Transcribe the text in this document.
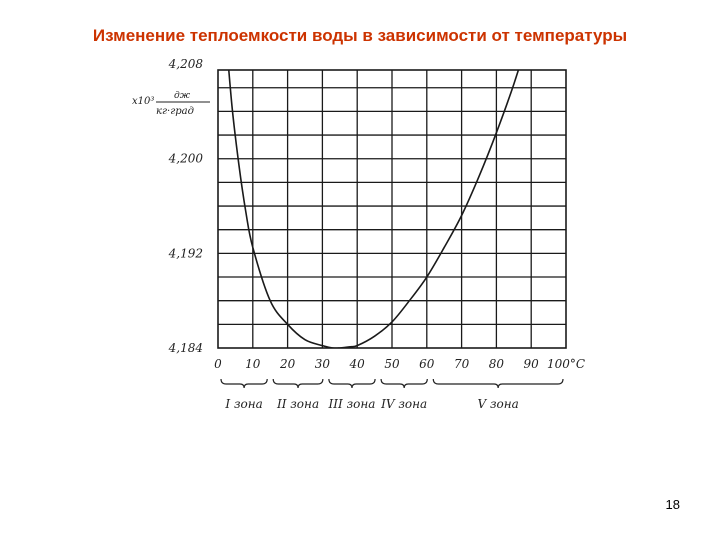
Изменение теплоемкости воды в зависимости от температуры
0 10 20 30 40 50 60 70 80 90 100°C
4,184
4,192
4,200
4,208
x10³ дж
кг·град
I зона II зона III зона IV зона	V зона
18
